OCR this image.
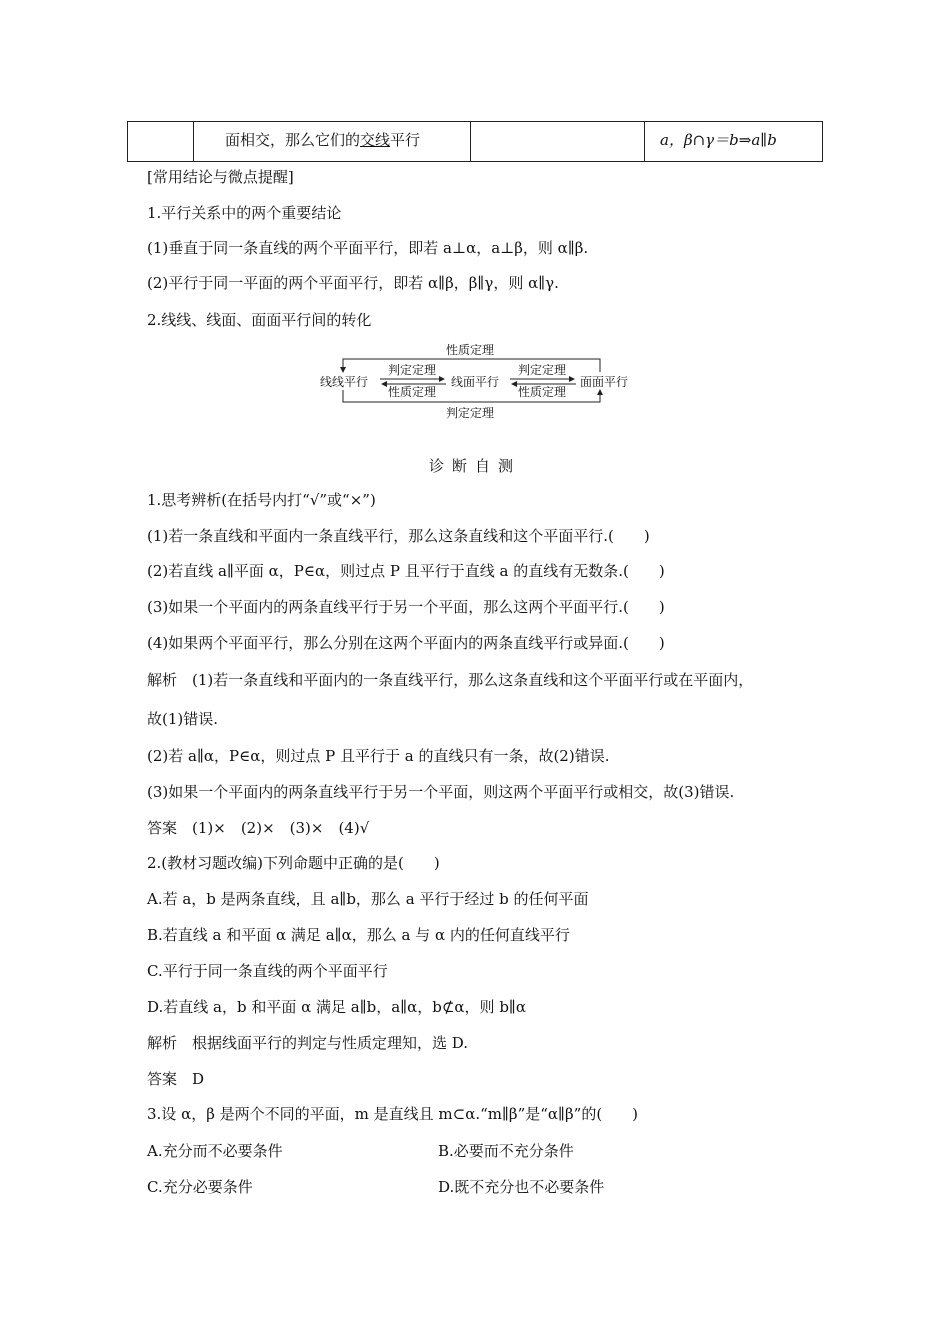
面相交，那么它们的交线平行	a，β∩γ＝b⇒a∥b
[常用结论与微点提醒]
1.平行关系中的两个重要结论
(1)垂直于同一条直线的两个平面平行，即若 a⊥α，a⊥β，则 α∥β.
(2)平行于同一平面的两个平面平行，即若 α∥β，β∥γ，则 α∥γ.
2.线线、线面、面面平行间的转化
性质定理
判定定理
线线平行	线面平行	面面平行
判定定理
性质定理
判定定理
性质定理
诊断自测
1.思考辨析(在括号内打“√”或“×”)
(1)若一条直线和平面内一条直线平行，那么这条直线和这个平面平行.(　　)
(2)若直线 a∥平面 α，P∈α，则过点 P 且平行于直线 a 的直线有无数条.(　　)
(3)如果一个平面内的两条直线平行于另一个平面，那么这两个平面平行.(　　)
(4)如果两个平面平行，那么分别在这两个平面内的两条直线平行或异面.(　　)
解析　(1)若一条直线和平面内的一条直线平行，那么这条直线和这个平面平行或在平面内，
故(1)错误.
(2)若 a∥α，P∈α，则过点 P 且平行于 a 的直线只有一条，故(2)错误.
(3)如果一个平面内的两条直线平行于另一个平面，则这两个平面平行或相交，故(3)错误.
答案　(1)×　(2)×　(3)×　(4)√
2.(教材习题改编)下列命题中正确的是(　　)
A.若 a，b 是两条直线，且 a∥b，那么 a 平行于经过 b 的任何平面
B.若直线 a 和平面 α 满足 a∥α，那么 a 与 α 内的任何直线平行
C.平行于同一条直线的两个平面平行
D.若直线 a，b 和平面 α 满足 a∥b，a∥α，b⊄α，则 b∥α
解析　根据线面平行的判定与性质定理知，选 D.
答案　D
3.设 α，β 是两个不同的平面，m 是直线且 m⊂α.“m∥β”是“α∥β”的(　　)
A.充分而不必要条件	B.必要而不充分条件
C.充分必要条件	D.既不充分也不必要条件
